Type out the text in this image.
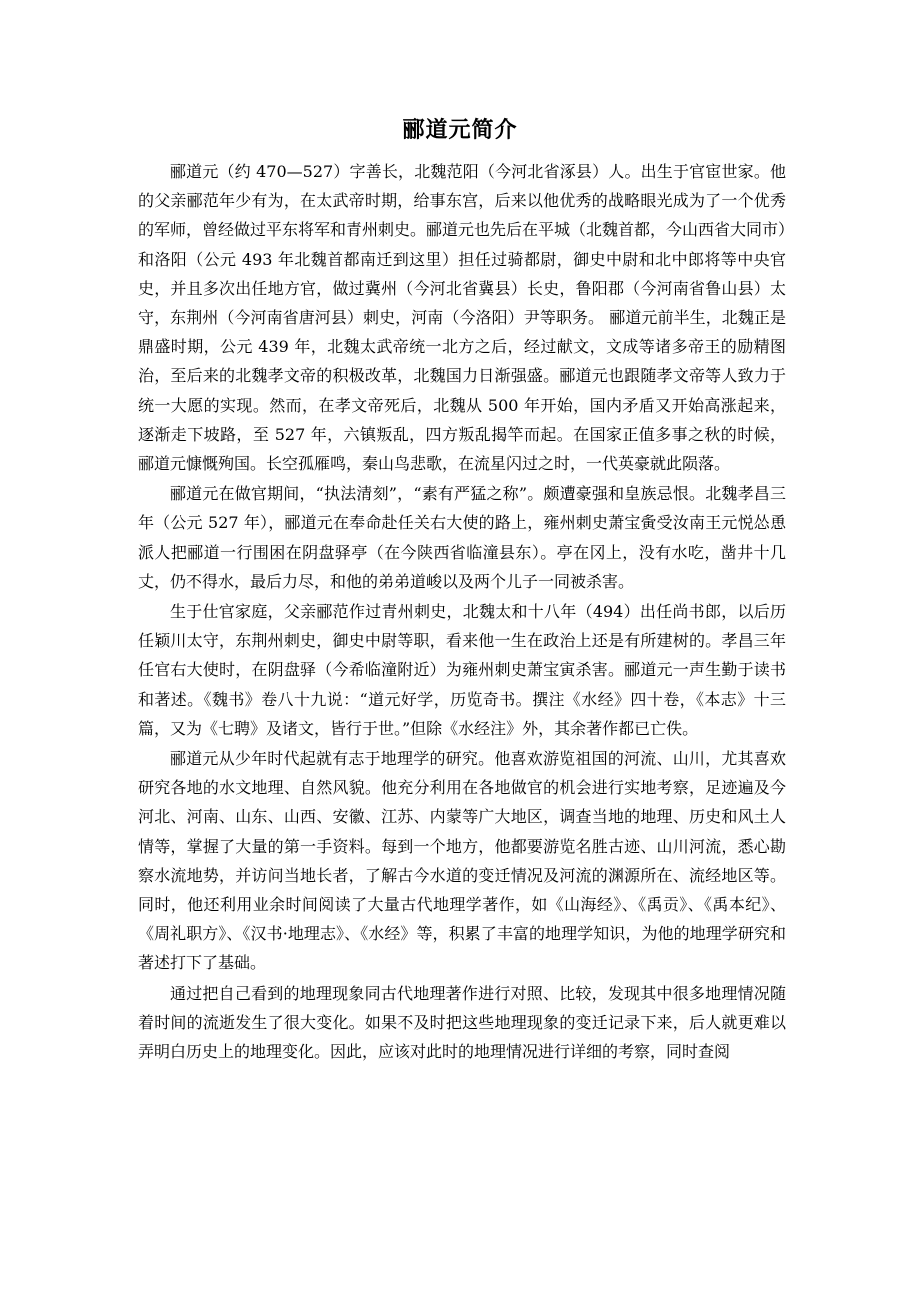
郦道元简介

郦道元（约 470—527）字善长，北魏范阳（今河北省涿县）人。出生于官宦世家。他的父亲郦范年少有为，在太武帝时期，给事东宫，后来以他优秀的战略眼光成为了一个优秀的军师，曾经做过平东将军和青州刺史。郦道元也先后在平城（北魏首都，今山西省大同市）和洛阳（公元 493 年北魏首都南迁到这里）担任过骑都尉，御史中尉和北中郎将等中央官史，并且多次出任地方官，做过冀州（今河北省冀县）长史，鲁阳郡（今河南省鲁山县）太守，东荆州（今河南省唐河县）刺史，河南（今洛阳）尹等职务。 郦道元前半生，北魏正是鼎盛时期，公元 439 年，北魏太武帝统一北方之后，经过献文，文成等诸多帝王的励精图治，至后来的北魏孝文帝的积极改革，北魏国力日渐强盛。郦道元也跟随孝文帝等人致力于统一大愿的实现。然而，在孝文帝死后，北魏从 500 年开始，国内矛盾又开始高涨起来，逐渐走下坡路，至 527 年，六镇叛乱，四方叛乱揭竿而起。在国家正值多事之秋的时候，郦道元慷慨殉国。长空孤雁鸣，秦山鸟悲歌，在流星闪过之时，一代英豪就此陨落。

郦道元在做官期间，“执法清刻”，“素有严猛之称”。颇遭豪强和皇族忌恨。北魏孝昌三年（公元 527 年），郦道元在奉命赴任关右大使的路上，雍州刺史萧宝夤受汝南王元悦怂恿派人把郦道一行围困在阴盘驿亭（在今陕西省临潼县东）。亭在冈上，没有水吃，凿井十几丈，仍不得水，最后力尽，和他的弟弟道峻以及两个儿子一同被杀害。

生于仕官家庭，父亲郦范作过青州刺史，北魏太和十八年（494）出任尚书郎，以后历任颖川太守，东荆州刺史，御史中尉等职，看来他一生在政治上还是有所建树的。孝昌三年任官右大使时，在阴盘驿（今希临潼附近）为雍州刺史萧宝寅杀害。郦道元一声生勤于读书和著述。《魏书》卷八十九说：“道元好学，历览奇书。撰注《水经》四十卷，《本志》十三篇，又为《七聘》及诸文，皆行于世。”但除《水经注》外，其余著作都已亡佚。

郦道元从少年时代起就有志于地理学的研究。他喜欢游览祖国的河流、山川，尤其喜欢研究各地的水文地理、自然风貌。他充分利用在各地做官的机会进行实地考察，足迹遍及今河北、河南、山东、山西、安徽、江苏、内蒙等广大地区，调查当地的地理、历史和风土人情等，掌握了大量的第一手资料。每到一个地方，他都要游览名胜古迹、山川河流，悉心勘察水流地势，并访问当地长者，了解古今水道的变迁情况及河流的渊源所在、流经地区等。同时，他还利用业余时间阅读了大量古代地理学著作，如《山海经》、《禹贡》、《禹本纪》、《周礼职方》、《汉书·地理志》、《水经》等，积累了丰富的地理学知识，为他的地理学研究和著述打下了基础。

通过把自己看到的地理现象同古代地理著作进行对照、比较，发现其中很多地理情况随着时间的流逝发生了很大变化。如果不及时把这些地理现象的变迁记录下来，后人就更难以弄明白历史上的地理变化。因此，应该对此时的地理情况进行详细的考察，同时查阅
